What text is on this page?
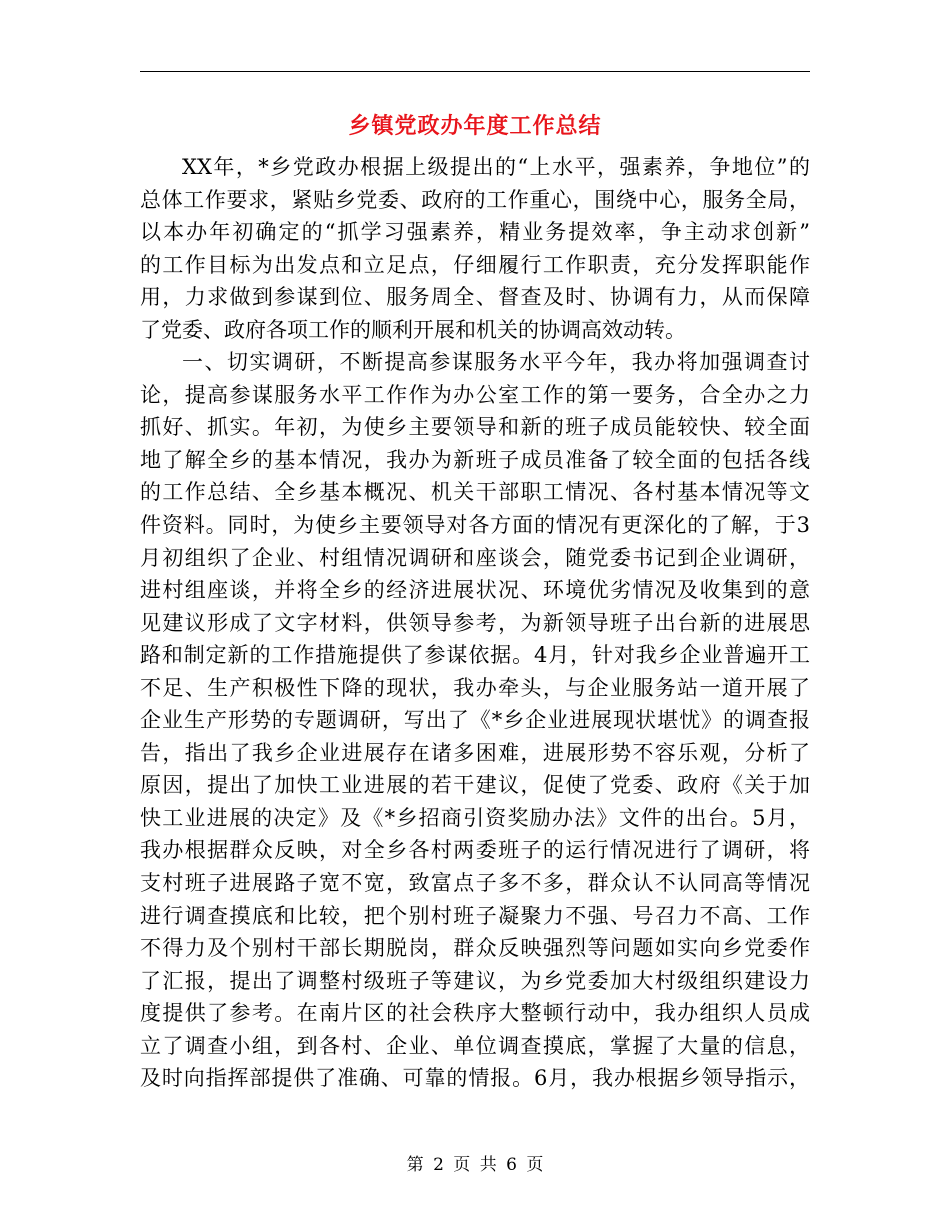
乡镇党政办年度工作总结
XX年，*乡党政办根据上级提出的“上水平，强素养，争地位”的
总体工作要求，紧贴乡党委、政府的工作重心，围绕中心，服务全局，
以本办年初确定的“抓学习强素养，精业务提效率，争主动求创新”
的工作目标为出发点和立足点，仔细履行工作职责，充分发挥职能作
用，力求做到参谋到位、服务周全、督查及时、协调有力，从而保障
了党委、政府各项工作的顺利开展和机关的协调高效动转。
一、切实调研，不断提高参谋服务水平今年，我办将加强调查讨
论，提高参谋服务水平工作作为办公室工作的第一要务，合全办之力
抓好、抓实。年初，为使乡主要领导和新的班子成员能较快、较全面
地了解全乡的基本情况，我办为新班子成员准备了较全面的包括各线
的工作总结、全乡基本概况、机关干部职工情况、各村基本情况等文
件资料。同时，为使乡主要领导对各方面的情况有更深化的了解，于3
月初组织了企业、村组情况调研和座谈会，随党委书记到企业调研，
进村组座谈，并将全乡的经济进展状况、环境优劣情况及收集到的意
见建议形成了文字材料，供领导参考，为新领导班子出台新的进展思
路和制定新的工作措施提供了参谋依据。4月，针对我乡企业普遍开工
不足、生产积极性下降的现状，我办牵头，与企业服务站一道开展了
企业生产形势的专题调研，写出了《*乡企业进展现状堪忧》的调查报
告，指出了我乡企业进展存在诸多困难，进展形势不容乐观，分析了
原因，提出了加快工业进展的若干建议，促使了党委、政府《关于加
快工业进展的决定》及《*乡招商引资奖励办法》文件的出台。5月，
我办根据群众反映，对全乡各村两委班子的运行情况进行了调研，将
支村班子进展路子宽不宽，致富点子多不多，群众认不认同高等情况
进行调查摸底和比较，把个别村班子凝聚力不强、号召力不高、工作
不得力及个别村干部长期脱岗，群众反映强烈等问题如实向乡党委作
了汇报，提出了调整村级班子等建议，为乡党委加大村级组织建设力
度提供了参考。在南片区的社会秩序大整顿行动中，我办组织人员成
立了调查小组，到各村、企业、单位调查摸底，掌握了大量的信息，
及时向指挥部提供了准确、可靠的情报。6月，我办根据乡领导指示，
第 2 页 共 6 页
